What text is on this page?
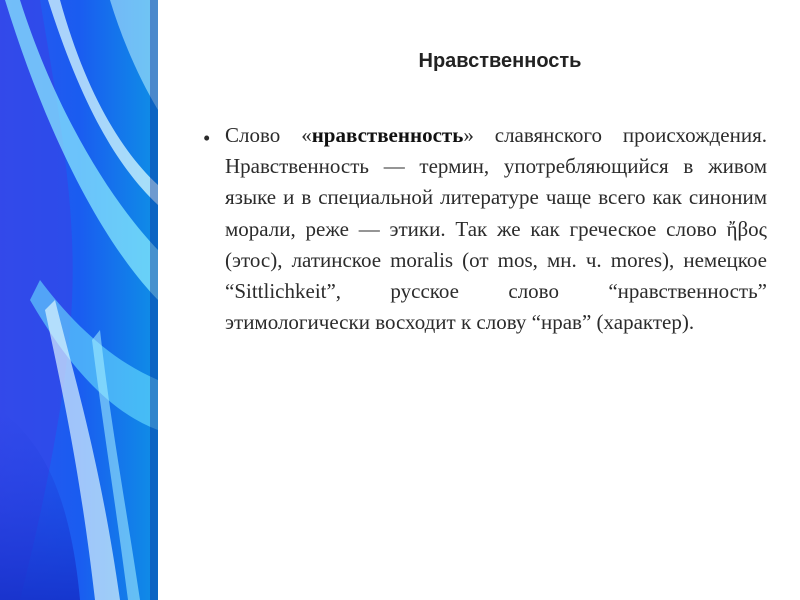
Нравственность
• Слово «нравственность» славянского происхождения. Нравственность — термин, употребляющийся в живом языке и в специальной литературе чаще всего как синоним морали, реже — этики. Так же как греческое слово ἤβος (этос), латинское moralis (от mos, мн. ч. mores), немецкое “Sittlichkeit”, русское слово “нравственность” этимологически восходит к слову “нрав” (характер).
